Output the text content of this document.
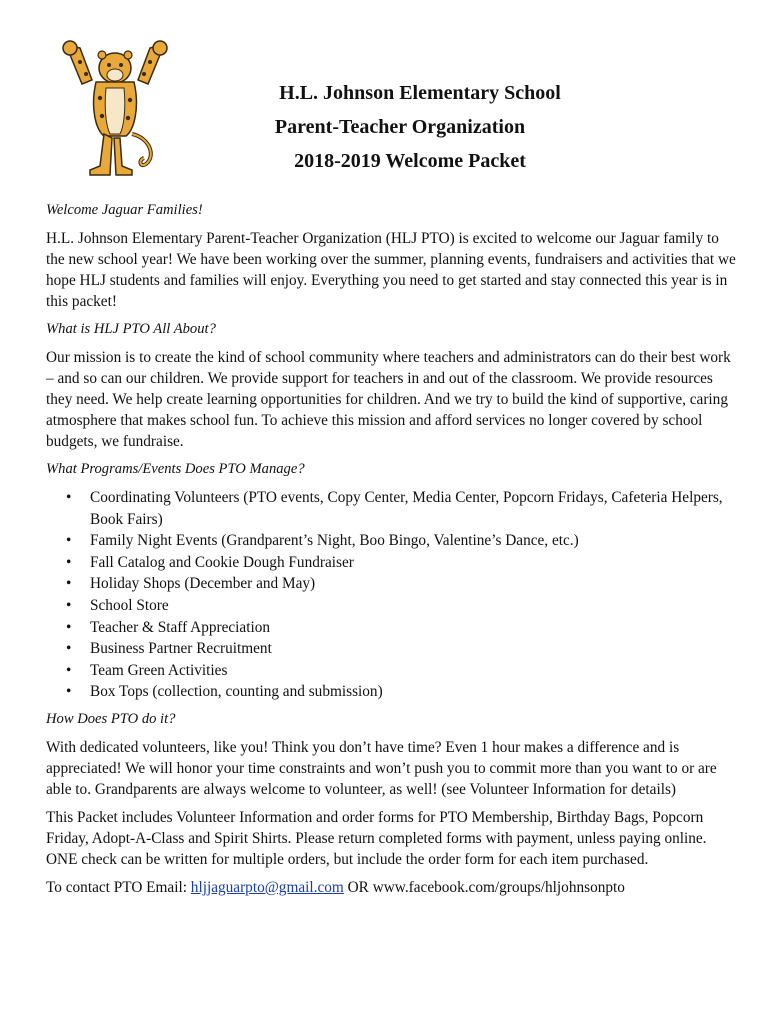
H.L. Johnson Elementary School
Parent-Teacher Organization
2018-2019 Welcome Packet

Welcome Jaguar Families!

H.L. Johnson Elementary Parent-Teacher Organization (HLJ PTO) is excited to welcome our Jaguar family to the new school year! We have been working over the summer, planning events, fundraisers and activities that we hope HLJ students and families will enjoy. Everything you need to get started and stay connected this year is in this packet!

What is HLJ PTO All About?

Our mission is to create the kind of school community where teachers and administrators can do their best work – and so can our children. We provide support for teachers in and out of the classroom. We provide resources they need. We help create learning opportunities for children. And we try to build the kind of supportive, caring atmosphere that makes school fun. To achieve this mission and afford services no longer covered by school budgets, we fundraise.

What Programs/Events Does PTO Manage?

• Coordinating Volunteers (PTO events, Copy Center, Media Center, Popcorn Fridays, Cafeteria Helpers, Book Fairs)
• Family Night Events (Grandparent’s Night, Boo Bingo, Valentine’s Dance, etc.)
• Fall Catalog and Cookie Dough Fundraiser
• Holiday Shops (December and May)
• School Store
• Teacher & Staff Appreciation
• Business Partner Recruitment
• Team Green Activities
• Box Tops (collection, counting and submission)

How Does PTO do it?

With dedicated volunteers, like you! Think you don’t have time? Even 1 hour makes a difference and is appreciated! We will honor your time constraints and won’t push you to commit more than you want to or are able to. Grandparents are always welcome to volunteer, as well! (see Volunteer Information for details)

This Packet includes Volunteer Information and order forms for PTO Membership, Birthday Bags, Popcorn Friday, Adopt-A-Class and Spirit Shirts. Please return completed forms with payment, unless paying online. ONE check can be written for multiple orders, but include the order form for each item purchased.

To contact PTO Email: hljjaguarpto@gmail.com OR www.facebook.com/groups/hljohnsonpto
